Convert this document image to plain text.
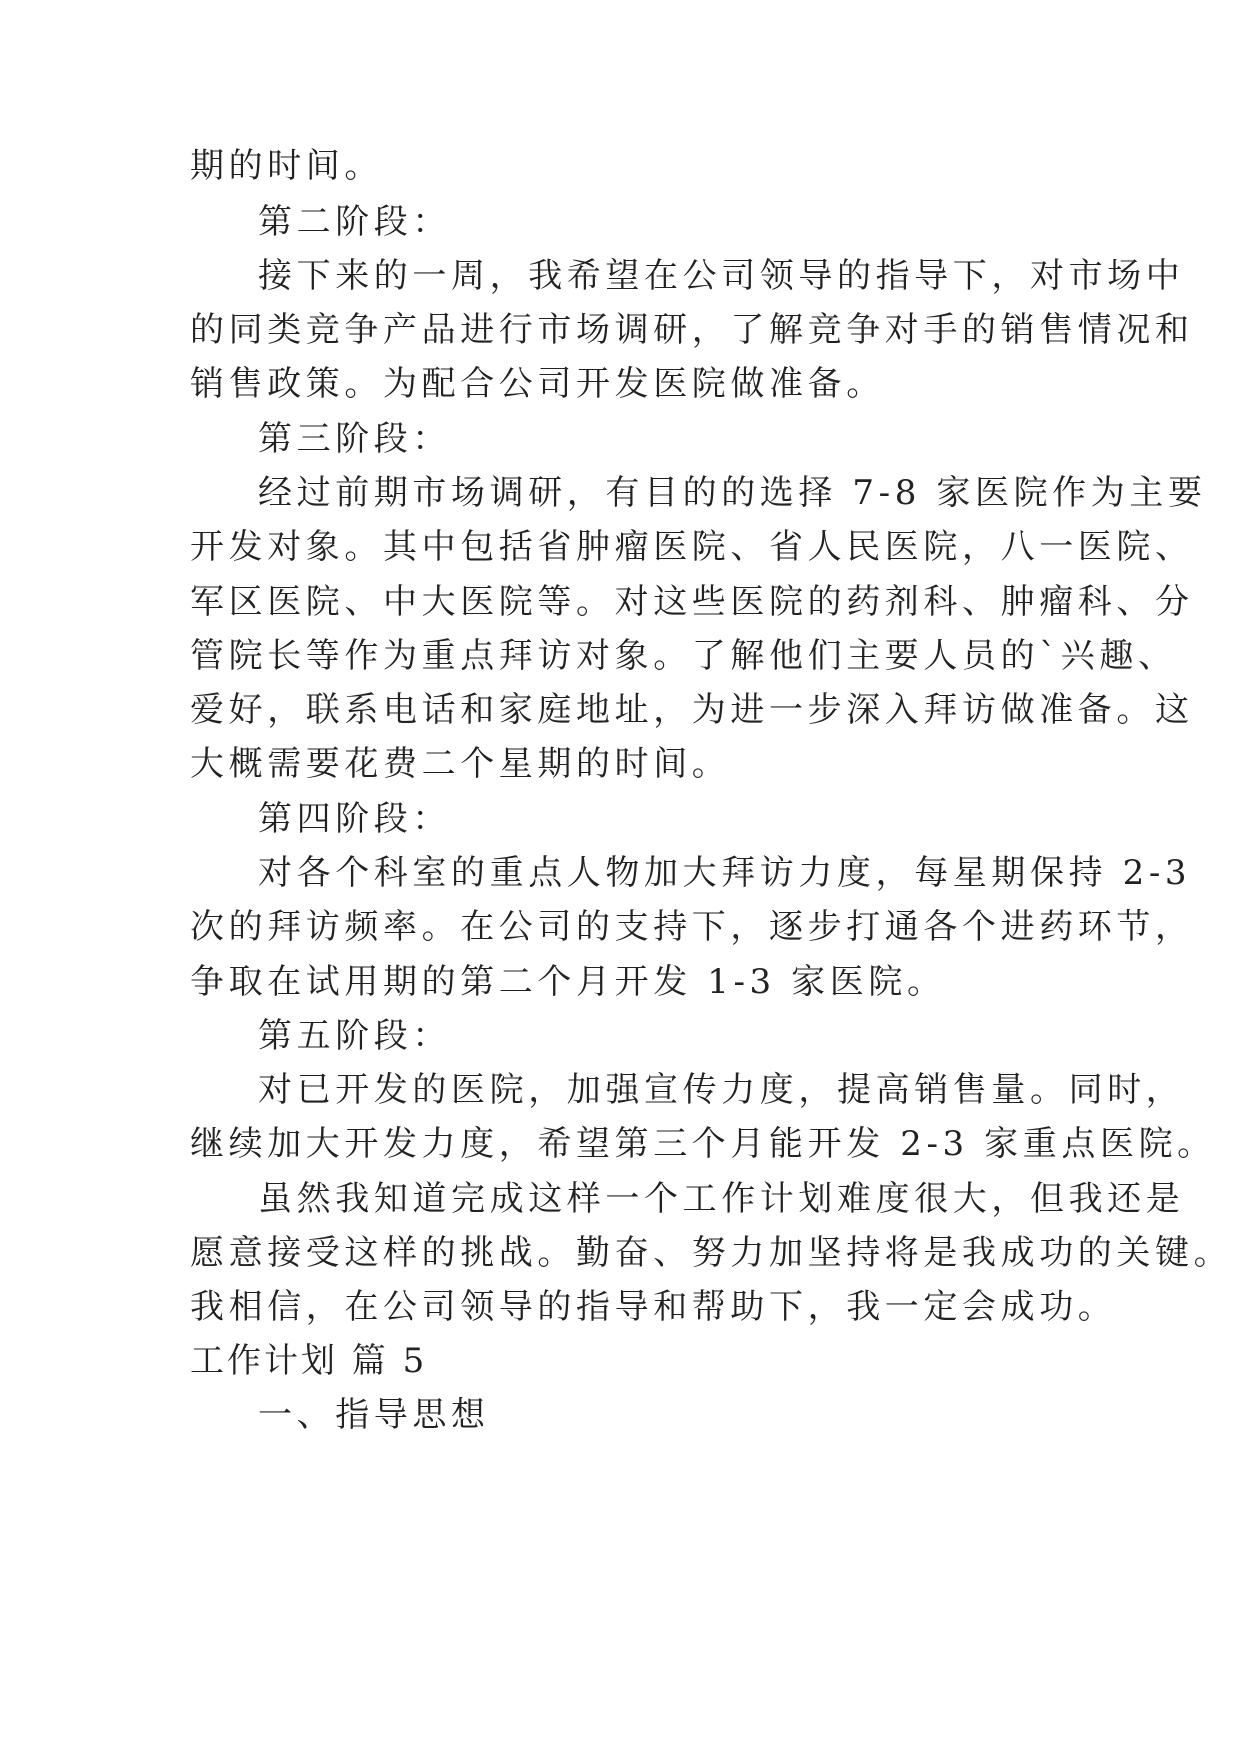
期的时间。
第二阶段：
接下来的一周，我希望在公司领导的指导下，对市场中
的同类竞争产品进行市场调研，了解竞争对手的销售情况和
销售政策。为配合公司开发医院做准备。
第三阶段：
经过前期市场调研，有目的的选择 7-8 家医院作为主要
开发对象。其中包括省肿瘤医院、省人民医院，八一医院、
军区医院、中大医院等。对这些医院的药剂科、肿瘤科、分
管院长等作为重点拜访对象。了解他们主要人员的`兴趣、
爱好，联系电话和家庭地址，为进一步深入拜访做准备。这
大概需要花费二个星期的时间。
第四阶段：
对各个科室的重点人物加大拜访力度，每星期保持 2-3
次的拜访频率。在公司的支持下，逐步打通各个进药环节，
争取在试用期的第二个月开发 1-3 家医院。
第五阶段：
对已开发的医院，加强宣传力度，提高销售量。同时，
继续加大开发力度，希望第三个月能开发 2-3 家重点医院。
虽然我知道完成这样一个工作计划难度很大，但我还是
愿意接受这样的挑战。勤奋、努力加坚持将是我成功的关键。
我相信，在公司领导的指导和帮助下，我一定会成功。
工作计划 篇 5
一、指导思想
